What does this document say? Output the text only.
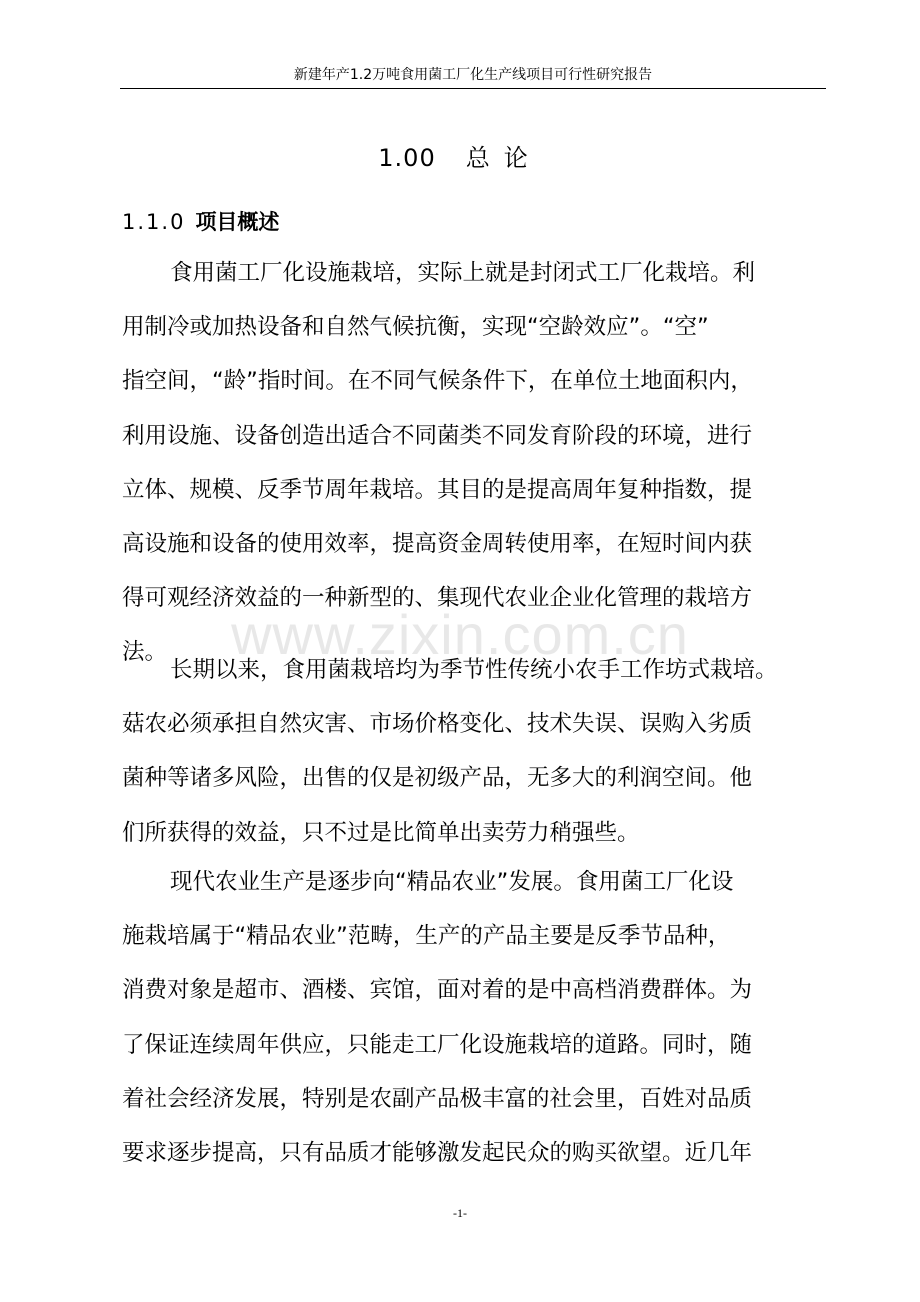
新建年产1.2万吨食用菌工厂化生产线项目可行性研究报告
1.00 总论
1.1.0 项目概述
食用菌工厂化设施栽培，实际上就是封闭式工厂化栽培。利
用制冷或加热设备和自然气候抗衡，实现“空龄效应”。“空”
指空间，“龄”指时间。在不同气候条件下，在单位土地面积内，
利用设施、设备创造出适合不同菌类不同发育阶段的环境，进行
立体、规模、反季节周年栽培。其目的是提高周年复种指数，提
高设施和设备的使用效率，提高资金周转使用率，在短时间内获
得可观经济效益的一种新型的、集现代农业企业化管理的栽培方
法。
长期以来，食用菌栽培均为季节性传统小农手工作坊式栽培。
菇农必须承担自然灾害、市场价格变化、技术失误、误购入劣质
菌种等诸多风险，出售的仅是初级产品，无多大的利润空间。他
们所获得的效益，只不过是比简单出卖劳力稍强些。
现代农业生产是逐步向“精品农业”发展。食用菌工厂化设
施栽培属于“精品农业”范畴，生产的产品主要是反季节品种，
消费对象是超市、酒楼、宾馆，面对着的是中高档消费群体。为
了保证连续周年供应，只能走工厂化设施栽培的道路。同时，随
着社会经济发展，特别是农副产品极丰富的社会里，百姓对品质
要求逐步提高，只有品质才能够激发起民众的购买欲望。近几年
www.zixin.com.cn
-1-
